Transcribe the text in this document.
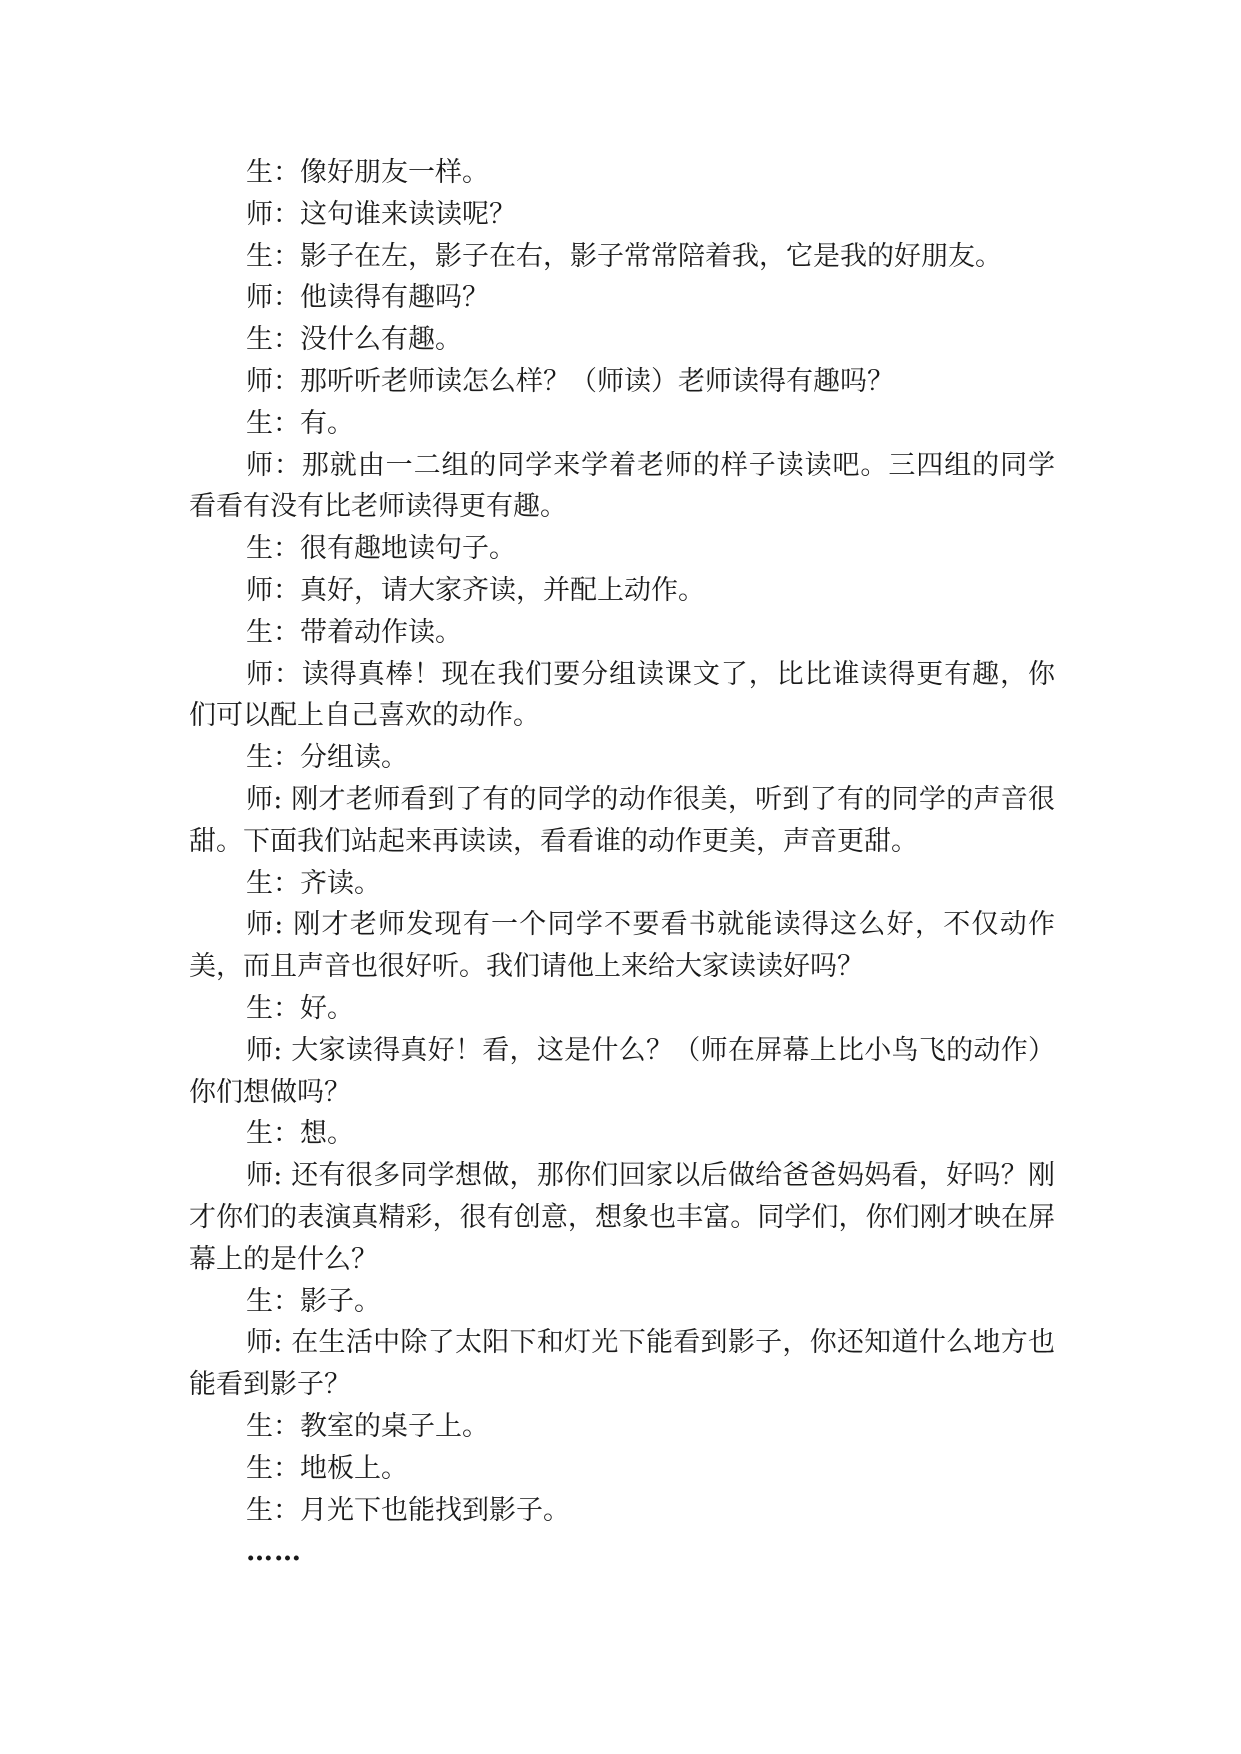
生：像好朋友一样。

师：这句谁来读读呢？

生：影子在左，影子在右，影子常常陪着我，它是我的好朋友。

师：他读得有趣吗？

生：没什么有趣。

师：那听听老师读怎么样？（师读）老师读得有趣吗？

生：有。

师：那就由一二组的同学来学着老师的样子读读吧。三四组的同学看看有没有比老师读得更有趣。

生：很有趣地读句子。

师：真好，请大家齐读，并配上动作。

生：带着动作读。

师：读得真棒！现在我们要分组读课文了，比比谁读得更有趣，你们可以配上自己喜欢的动作。

生：分组读。

师: 刚才老师看到了有的同学的动作很美，听到了有的同学的声音很甜。下面我们站起来再读读，看看谁的动作更美，声音更甜。

生：齐读。

师: 刚才老师发现有一个同学不要看书就能读得这么好，不仅动作美，而且声音也很好听。我们请他上来给大家读读好吗？

生：好。

师: 大家读得真好！看，这是什么？（师在屏幕上比小鸟飞的动作）你们想做吗？

生：想。

师: 还有很多同学想做，那你们回家以后做给爸爸妈妈看，好吗？刚才你们的表演真精彩，很有创意，想象也丰富。同学们，你们刚才映在屏幕上的是什么？

生：影子。

师: 在生活中除了太阳下和灯光下能看到影子，你还知道什么地方也能看到影子？

生：教室的桌子上。

生：地板上。

生：月光下也能找到影子。

……
